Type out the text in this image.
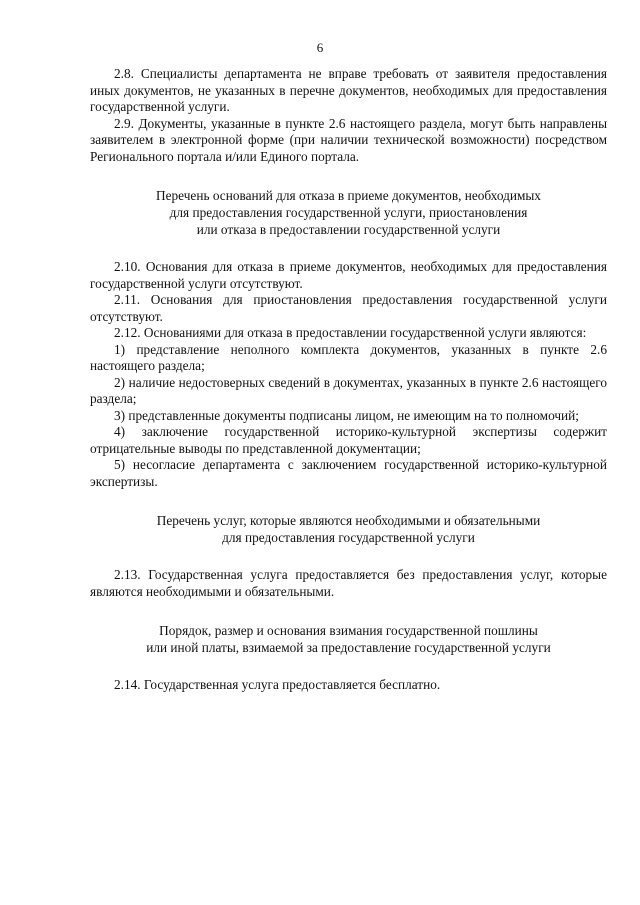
6

2.8. Специалисты департамента не вправе требовать от заявителя предоставления иных документов, не указанных в перечне документов, необходимых для предоставления государственной услуги.

2.9. Документы, указанные в пункте 2.6 настоящего раздела, могут быть направлены заявителем в электронной форме (при наличии технической возможности) посредством Регионального портала и/или Единого портала.

Перечень оснований для отказа в приеме документов, необходимых
для предоставления государственной услуги, приостановления
или отказа в предоставлении государственной услуги

2.10. Основания для отказа в приеме документов, необходимых для предоставления государственной услуги отсутствуют.

2.11. Основания для приостановления предоставления государственной услуги отсутствуют.

2.12. Основаниями для отказа в предоставлении государственной услуги являются:

1) представление неполного комплекта документов, указанных в пункте 2.6 настоящего раздела;

2) наличие недостоверных сведений в документах, указанных в пункте 2.6 настоящего раздела;

3) представленные документы подписаны лицом, не имеющим на то полномочий;

4) заключение государственной историко-культурной экспертизы содержит отрицательные выводы по представленной документации;

5) несогласие департамента с заключением государственной историко-культурной экспертизы.

Перечень услуг, которые являются необходимыми и обязательными
для предоставления государственной услуги

2.13. Государственная услуга предоставляется без предоставления услуг, которые являются необходимыми и обязательными.

Порядок, размер и основания взимания государственной пошлины
или иной платы, взимаемой за предоставление государственной услуги

2.14. Государственная услуга предоставляется бесплатно.
